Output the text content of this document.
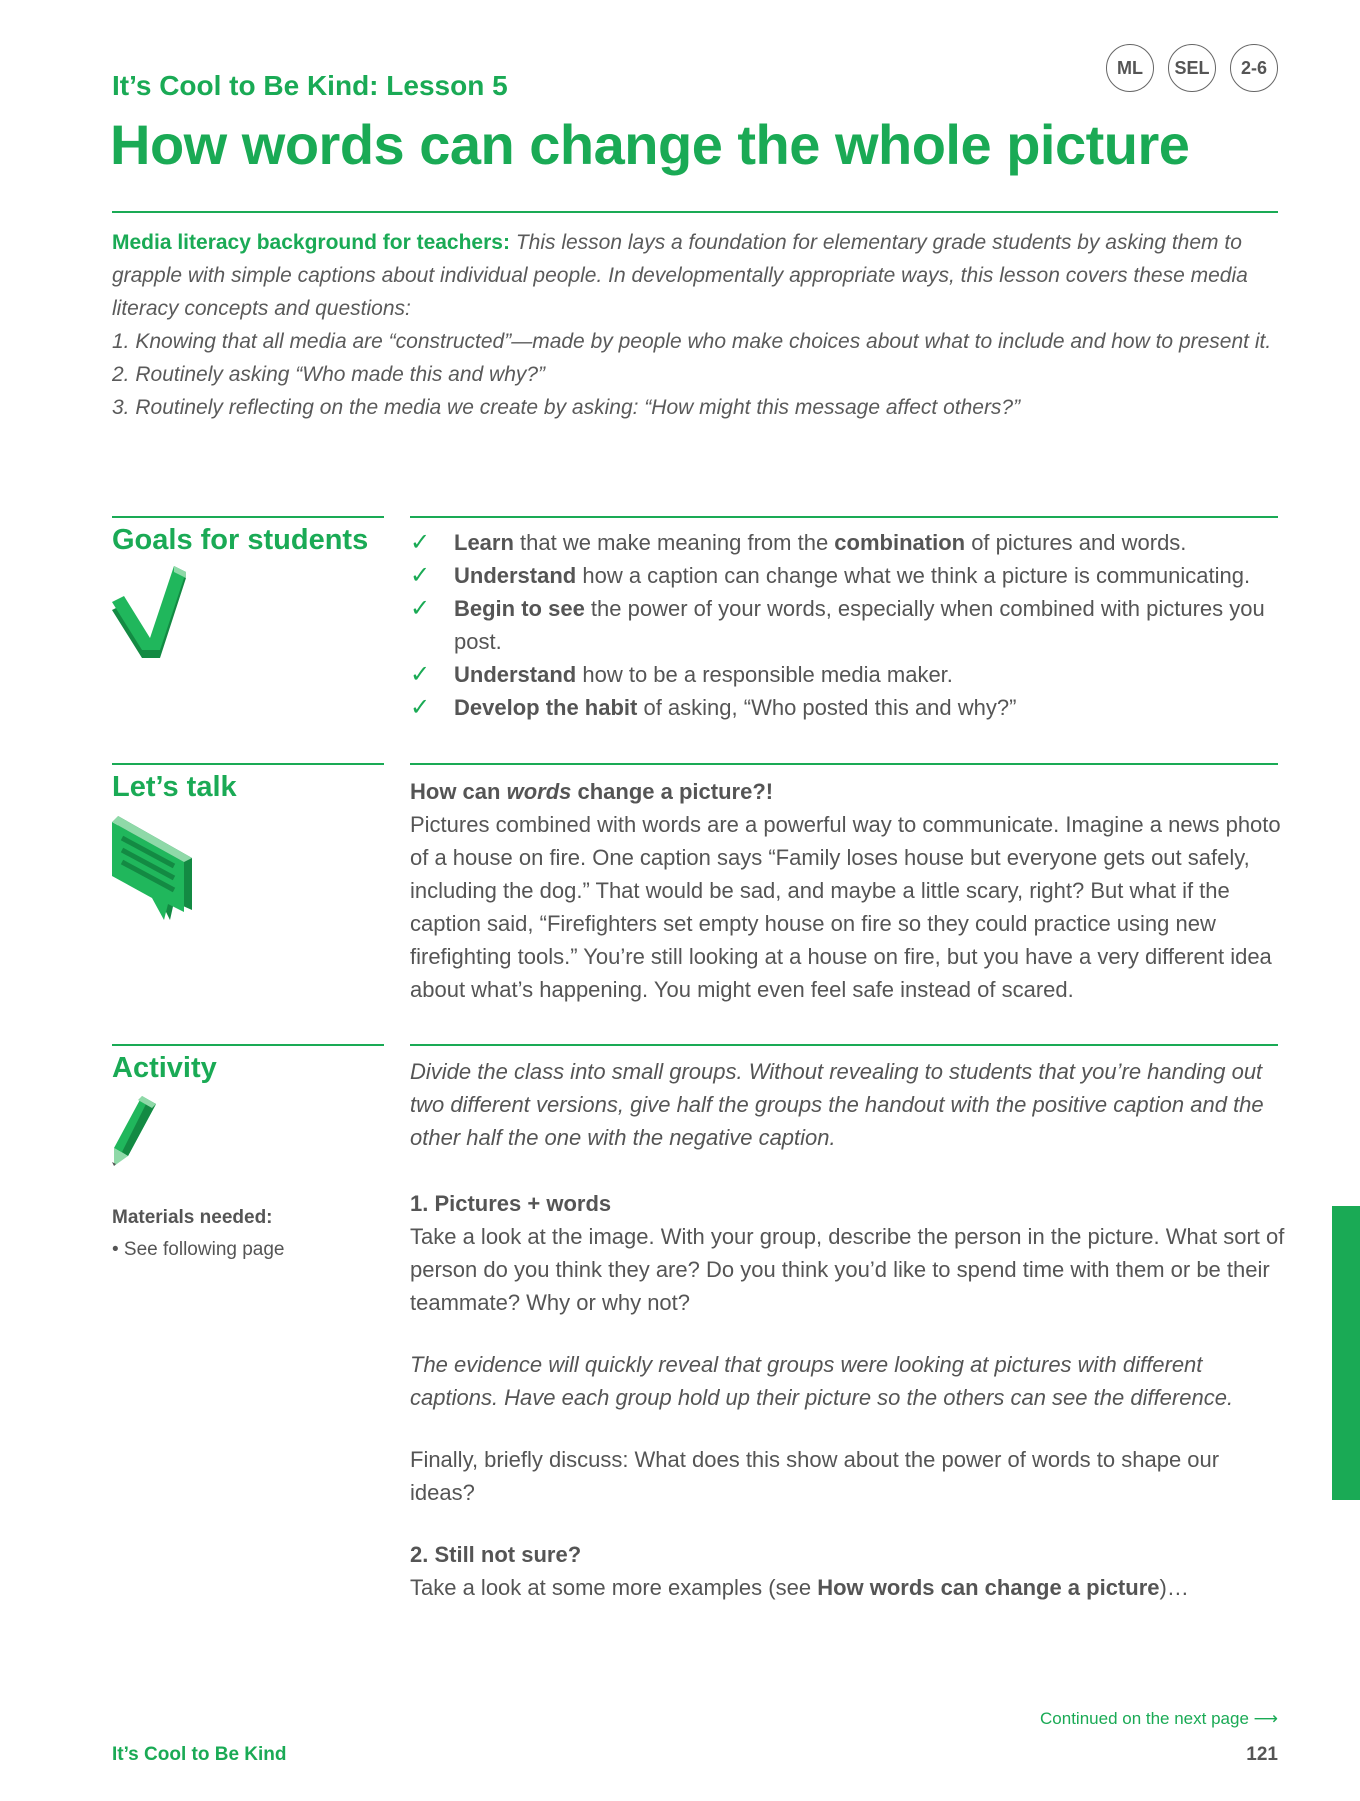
ML	SEL	2-6
It’s Cool to Be Kind: Lesson 5
How words can change the whole picture
Media literacy background for teachers: This lesson lays a foundation for elementary grade students by asking them to grapple with simple captions about individual people. In developmentally appropriate ways, this lesson covers these media literacy concepts and questions:
1. Knowing that all media are “constructed”—made by people who make choices about what to include and how to present it.
2. Routinely asking “Who made this and why?”
3. Routinely reflecting on the media we create by asking: “How might this message affect others?”
Goals for students ✓ Learn that we make meaning from the combination of pictures and words.
✓ Understand how a caption can change what we think a picture is communicating.
✓ Begin to see the power of your words, especially when combined with pictures you post.
✓ Understand how to be a responsible media maker.
✓ Develop the habit of asking, “Who posted this and why?”
Let’s talk	How can words change a picture?!

Pictures combined with words are a powerful way to communicate. Imagine a news photo of a house on fire. One caption says “Family loses house but everyone gets out safely, including the dog.” That would be sad, and maybe a little scary, right? But what if the caption said, “Firefighters set empty house on fire so they could practice using new firefighting tools.” You’re still looking at a house on fire, but you have a very different idea about what’s happening. You might even feel safe instead of scared.

Activity
Materials needed:
• See following page

Divide the class into small groups. Without revealing to students that you’re handing out two different versions, give half the groups the handout with the positive caption and the other half the one with the negative caption.

1. Pictures + words

Take a look at the image. With your group, describe the person in the picture. What sort of person do you think they are? Do you think you’d like to spend time with them or be their teammate? Why or why not?

The evidence will quickly reveal that groups were looking at pictures with different captions. Have each group hold up their picture so the others can see the difference.

Finally, briefly discuss: What does this show about the power of words to shape our ideas?

2. Still not sure?

Take a look at some more examples (see How words can change a picture)…

Continued on the next page ⟶
It’s Cool to Be Kind	121
